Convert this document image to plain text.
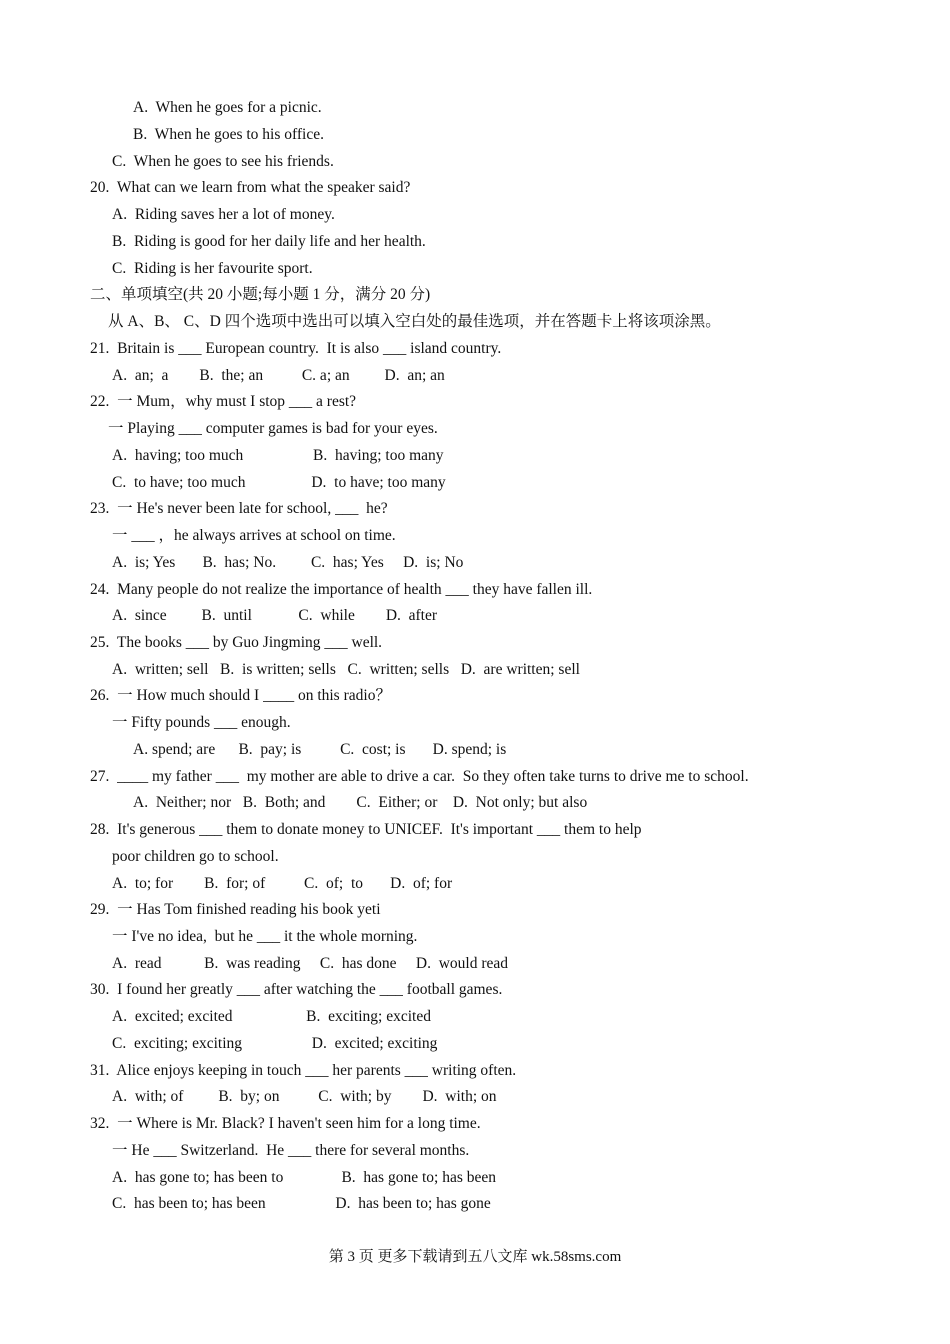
A.  When he goes for a picnic.
B.  When he goes to his office.
C.  When he goes to see his friends.
20.  What can we learn from what the speaker said?
A.  Riding saves her a lot of money.
B.  Riding is good for her daily life and her health.
C.  Riding is her favourite sport.
二、单项填空(共 20 小题;每小题 1 分，满分 20 分)
从 A、B、 C、D 四个选项中选出可以填入空白处的最佳选项，并在答题卡上将该项涂黑。
21.  Britain is ___ European country.  It is also ___ island country.
A.  an;  a        B.  the; an          C. a; an         D.  an; an
22.  一 Mum，why must I stop ___ a rest?
一 Playing ___ computer games is bad for your eyes.
A.  having; too much                  B.  having; too many
C.  to have; too much                 D.  to have; too many
23.  一 He's never been late for school, ___  he?
一 ___ ，he always arrives at school on time.
A.  is; Yes       B.  has; No.         C.  has; Yes     D.  is; No
24.  Many people do not realize the importance of health ___ they have fallen ill.
A.  since         B.  until            C.  while        D.  after
25.  The books ___ by Guo Jingming ___ well.
A.  written; sell   B.  is written; sells   C.  written; sells   D.  are written; sell
26.  一 How much should I ____ on this radio？
一 Fifty pounds ___ enough.
A. spend; are      B.  pay; is          C.  cost; is       D. spend; is
27.  ____ my father ___  my mother are able to drive a car.  So they often take turns to drive me to school.
A.  Neither; nor   B.  Both; and        C.  Either; or    D.  Not only; but also
28.  It's generous ___ them to donate money to UNICEF.  It's important ___ them to help
poor children go to school.
A.  to; for        B.  for; of          C.  of;  to       D.  of; for
29.  一 Has Tom finished reading his book yeti
一 I've no idea,  but he ___ it the whole morning.
A.  read           B.  was reading     C.  has done     D.  would read
30.  I found her greatly ___ after watching the ___ football games.
A.  excited; excited                   B.  exciting; excited
C.  exciting; exciting                  D.  excited; exciting
31.  Alice enjoys keeping in touch ___ her parents ___ writing often.
A.  with; of         B.  by; on          C.  with; by        D.  with; on
32.  一 Where is Mr. Black? I haven't seen him for a long time.
一 He ___ Switzerland.  He ___ there for several months.
A.  has gone to; has been to               B.  has gone to; has been
C.  has been to; has been                  D.  has been to; has gone
第 3 页 更多下载请到五八文库 wk.58sms.com
